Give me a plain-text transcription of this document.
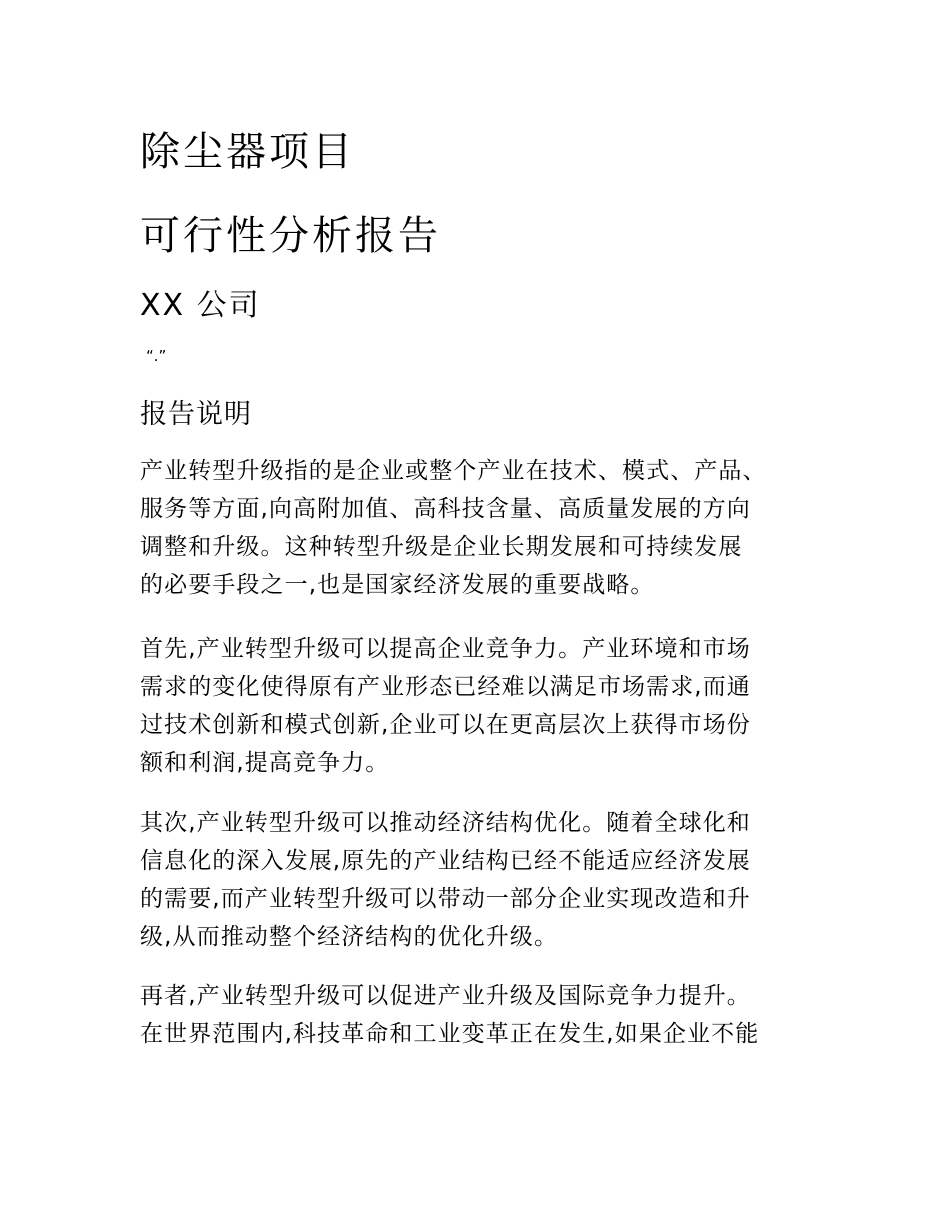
除尘器项目
可行性分析报告
XX 公司
“.”
报告说明
产业转型升级指的是企业或整个产业在技术、模式、产品、
服务等方面,向高附加值、高科技含量、高质量发展的方向
调整和升级。这种转型升级是企业长期发展和可持续发展
的必要手段之一,也是国家经济发展的重要战略。
首先,产业转型升级可以提高企业竞争力。产业环境和市场
需求的变化使得原有产业形态已经难以满足市场需求,而通
过技术创新和模式创新,企业可以在更高层次上获得市场份
额和利润,提高竞争力。
其次,产业转型升级可以推动经济结构优化。随着全球化和
信息化的深入发展,原先的产业结构已经不能适应经济发展
的需要,而产业转型升级可以带动一部分企业实现改造和升
级,从而推动整个经济结构的优化升级。
再者,产业转型升级可以促进产业升级及国际竞争力提升。
在世界范围内,科技革命和工业变革正在发生,如果企业不能
